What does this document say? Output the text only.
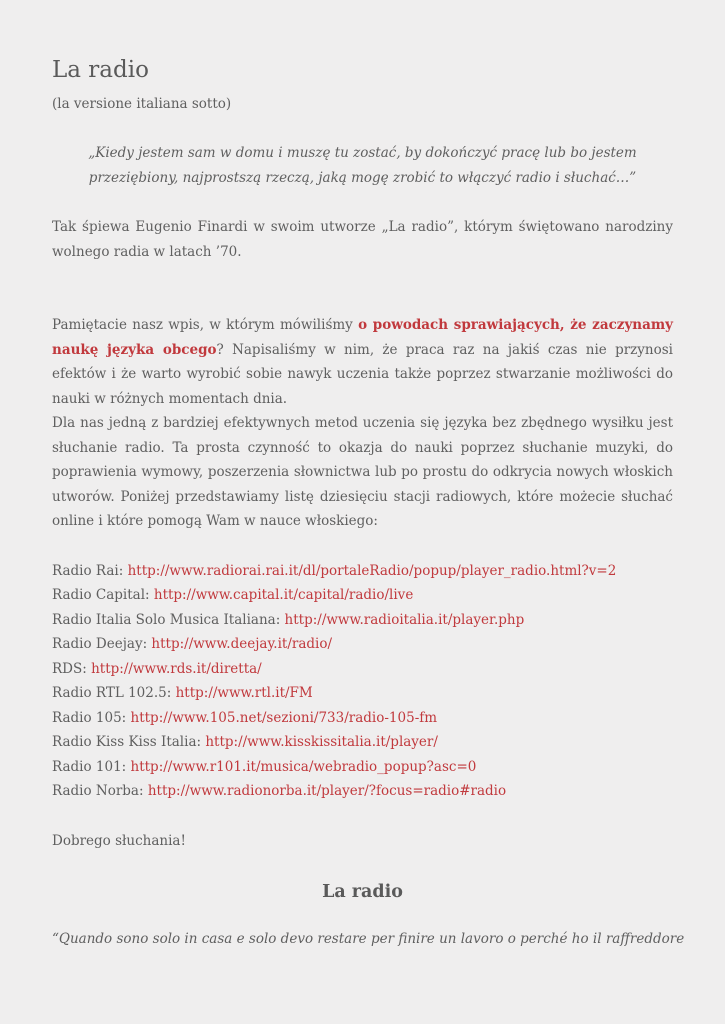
La radio
(la versione italiana sotto)
„Kiedy jestem sam w domu i muszę tu zostać, by dokończyć pracę lub bo jestem przeziębiony, najprostszą rzeczą, jaką mogę zrobić to włączyć radio i słuchać…”
Tak śpiewa Eugenio Finardi w swoim utworze „La radio”, którym świętowano narodziny wolnego radia w latach ’70.
Pamiętacie nasz wpis, w którym mówiliśmy o powodach sprawiających, że zaczynamy naukę języka obcego? Napisaliśmy w nim, że praca raz na jakiś czas nie przynosi efektów i że warto wyrobić sobie nawyk uczenia także poprzez stwarzanie możliwości do nauki w różnych momentach dnia.
Dla nas jedną z bardziej efektywnych metod uczenia się języka bez zbędnego wysiłku jest słuchanie radio. Ta prosta czynność to okazja do nauki poprzez słuchanie muzyki, do poprawienia wymowy, poszerzenia słownictwa lub po prostu do odkrycia nowych włoskich utworów. Poniżej przedstawiamy listę dziesięciu stacji radiowych, które możecie słuchać online i które pomogą Wam w nauce włoskiego:
Radio Rai: http://www.radiorai.rai.it/dl/portaleRadio/popup/player_radio.html?v=2
Radio Capital: http://www.capital.it/capital/radio/live
Radio Italia Solo Musica Italiana: http://www.radioitalia.it/player.php
Radio Deejay: http://www.deejay.it/radio/
RDS: http://www.rds.it/diretta/
Radio RTL 102.5: http://www.rtl.it/FM
Radio 105: http://www.105.net/sezioni/733/radio-105-fm
Radio Kiss Kiss Italia: http://www.kisskissitalia.it/player/
Radio 101: http://www.r101.it/musica/webradio_popup?asc=0
Radio Norba: http://www.radionorba.it/player/?focus=radio#radio
Dobrego słuchania!
La radio
“Quando sono solo in casa e solo devo restare per finire un lavoro o perché ho il raffreddore
